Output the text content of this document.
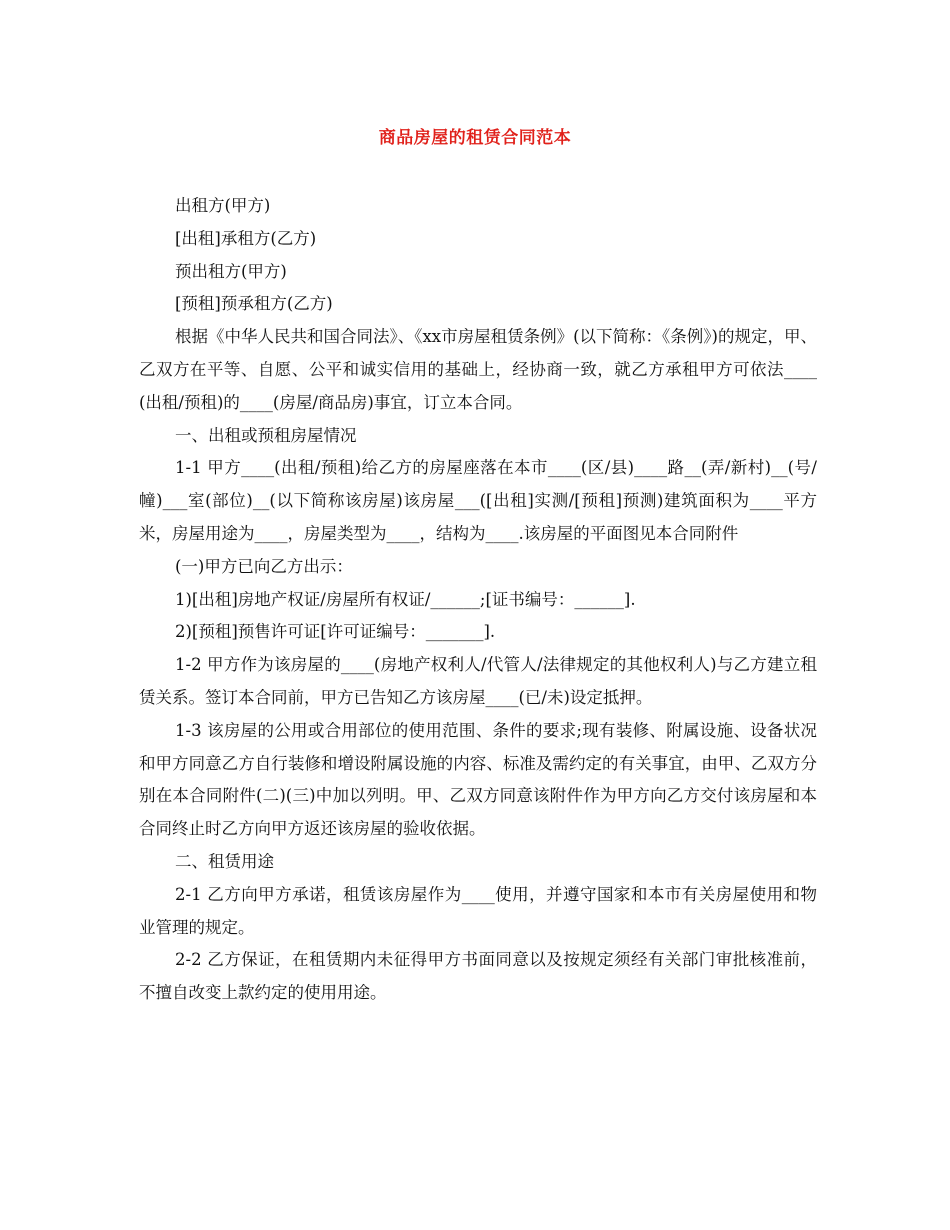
商品房屋的租赁合同范本

出租方(甲方)

[出租]承租方(乙方)

预出租方(甲方)

[预租]预承租方(乙方)

根据《中华人民共和国合同法》、《xx市房屋租赁条例》(以下简称：《条例》)的规定，甲、乙双方在平等、自愿、公平和诚实信用的基础上，经协商一致，就乙方承租甲方可依法____(出租/预租)的____(房屋/商品房)事宜，订立本合同。

一、出租或预租房屋情况

1-1 甲方____(出租/预租)给乙方的房屋座落在本市____(区/县)____路__(弄/新村)__(号/幢)___室(部位)__(以下简称该房屋)该房屋___([出租]实测/[预租]预测)建筑面积为____平方米，房屋用途为____，房屋类型为____，结构为____.该房屋的平面图见本合同附件

(一)甲方已向乙方出示：

1)[出租]房地产权证/房屋所有权证/______;[证书编号：______].

2)[预租]预售许可证[许可证编号：_______].

1-2 甲方作为该房屋的____(房地产权利人/代管人/法律规定的其他权利人)与乙方建立租赁关系。签订本合同前，甲方已告知乙方该房屋____(已/未)设定抵押。

1-3 该房屋的公用或合用部位的使用范围、条件的要求;现有装修、附属设施、设备状况和甲方同意乙方自行装修和增设附属设施的内容、标准及需约定的有关事宜，由甲、乙双方分别在本合同附件(二)(三)中加以列明。甲、乙双方同意该附件作为甲方向乙方交付该房屋和本合同终止时乙方向甲方返还该房屋的验收依据。

二、租赁用途

2-1 乙方向甲方承诺，租赁该房屋作为____使用，并遵守国家和本市有关房屋使用和物业管理的规定。

2-2 乙方保证，在租赁期内未征得甲方书面同意以及按规定须经有关部门审批核准前，不擅自改变上款约定的使用用途。
